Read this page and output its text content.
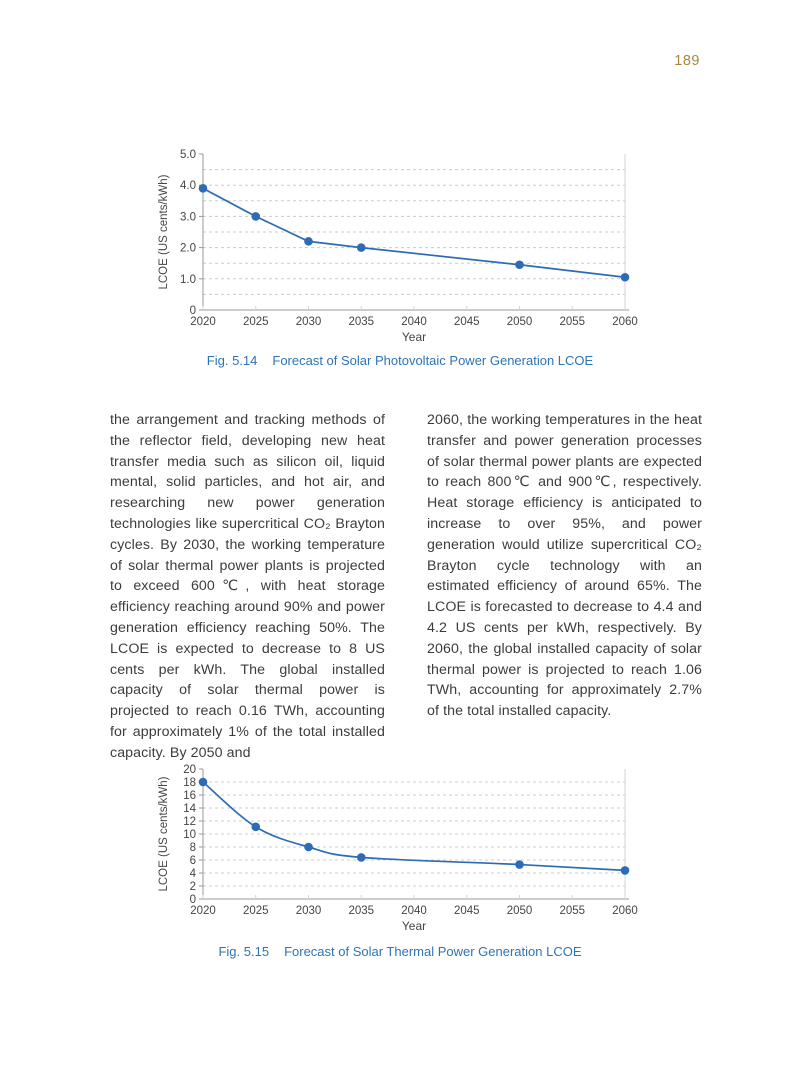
189
2020 2025 2030 2035 2040 2045 2050 2055 2060
0
1.0
2.0
3.0
4.0
5.0
Year
LCOE (US cents/kWh)
Fig. 5.14 Forecast of Solar Photovoltaic Power Generation LCOE
the arrangement and tracking methods of the reflector field, developing new heat transfer media such as silicon oil, liquid mental, solid particles, and hot air, and researching new power generation technologies like supercritical CO₂ Brayton cycles. By 2030, the working temperature of solar thermal power plants is projected to exceed 600℃, with heat storage efficiency reaching around 90% and power generation efficiency reaching 50%. The LCOE is expected to decrease to 8 US cents per kWh. The global installed capacity of solar thermal power is projected to reach 0.16 TWh, accounting for approximately 1% of the total installed capacity. By 2050 and
2060, the working temperatures in the heat transfer and power generation processes of solar thermal power plants are expected to reach 800℃ and 900℃, respectively. Heat storage efficiency is anticipated to increase to over 95%, and power generation would utilize supercritical CO₂ Brayton cycle technology with an estimated efficiency of around 65%. The LCOE is forecasted to decrease to 4.4 and 4.2 US cents per kWh, respectively. By 2060, the global installed capacity of solar thermal power is projected to reach 1.06 TWh, accounting for approximately 2.7% of the total installed capacity.
2020 2025 2030 2035 2040 2045 2050 2055 2060
0
2
4
6
8
10
12
14
16
18
20
Year
LCOE (US cents/kWh)
Fig. 5.15 Forecast of Solar Thermal Power Generation LCOE
